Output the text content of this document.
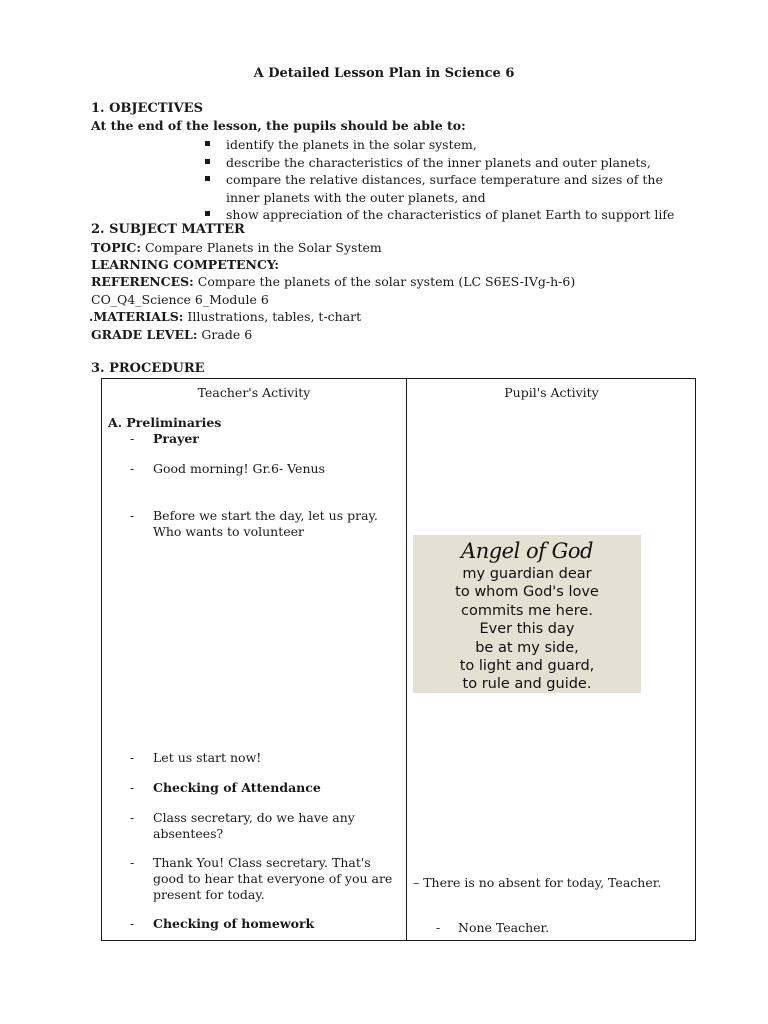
A Detailed Lesson Plan in Science 6
1. OBJECTIVES
At the end of the lesson, the pupils should be able to:
identify the planets in the solar system,
describe the characteristics of the inner planets and outer planets,
compare the relative distances, surface temperature and sizes of the inner planets with the outer planets, and
show appreciation of the characteristics of planet Earth to support life
2. SUBJECT MATTER
TOPIC: Compare Planets in the Solar System
LEARNING COMPETENCY:
REFERENCES: Compare the planets of the solar system (LC S6ES-IVg-h-6)
CO_Q4_Science 6_Module 6
.MATERIALS: Illustrations, tables, t-chart
GRADE LEVEL: Grade 6
3. PROCEDURE
Teacher's Activity	Pupil's Activity
A. Preliminaries
- Prayer
- Good morning! Gr.6- Venus
- Before we start the day, let us pray. Who wants to volunteer
- Let us start now!
- Checking of Attendance
- Class secretary, do we have any absentees?
- Thank You! Class secretary. That's good to hear that everyone of you are present for today.
- Checking of homework
Angel of God
my guardian dear
to whom God's love
commits me here.
Ever this day
be at my side,
to light and guard,
to rule and guide.
– There is no absent for today, Teacher.
- None Teacher.
